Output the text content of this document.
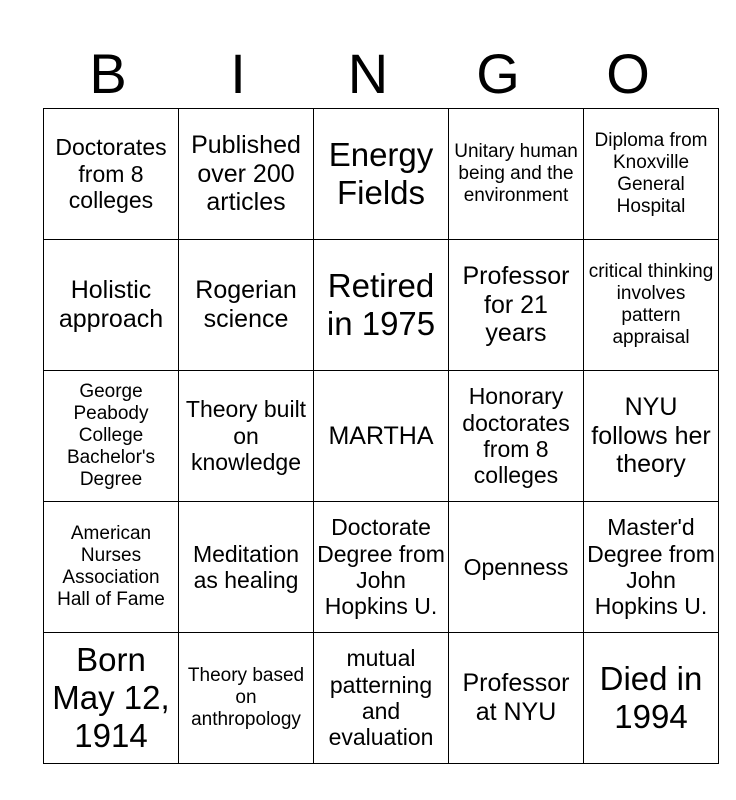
B	I	N	G	O
Doctorates from 8 colleges	Published over 200 articles	Energy Fields	Unitary human being and the environment	Diploma from Knoxville General Hospital
Holistic approach	Rogerian science	Retired in 1975	Professor for 21 years	critical thinking involves pattern appraisal
George Peabody College Bachelor's Degree	Theory built on knowledge	MARTHA	Honorary doctorates from 8 colleges	NYU follows her theory
American Nurses Association Hall of Fame	Meditation as healing	Doctorate Degree from John Hopkins U.	Openness	Master'd Degree from John Hopkins U.
Born May 12, 1914	Theory based on anthropology	mutual patterning and evaluation	Professor at NYU	Died in 1994
